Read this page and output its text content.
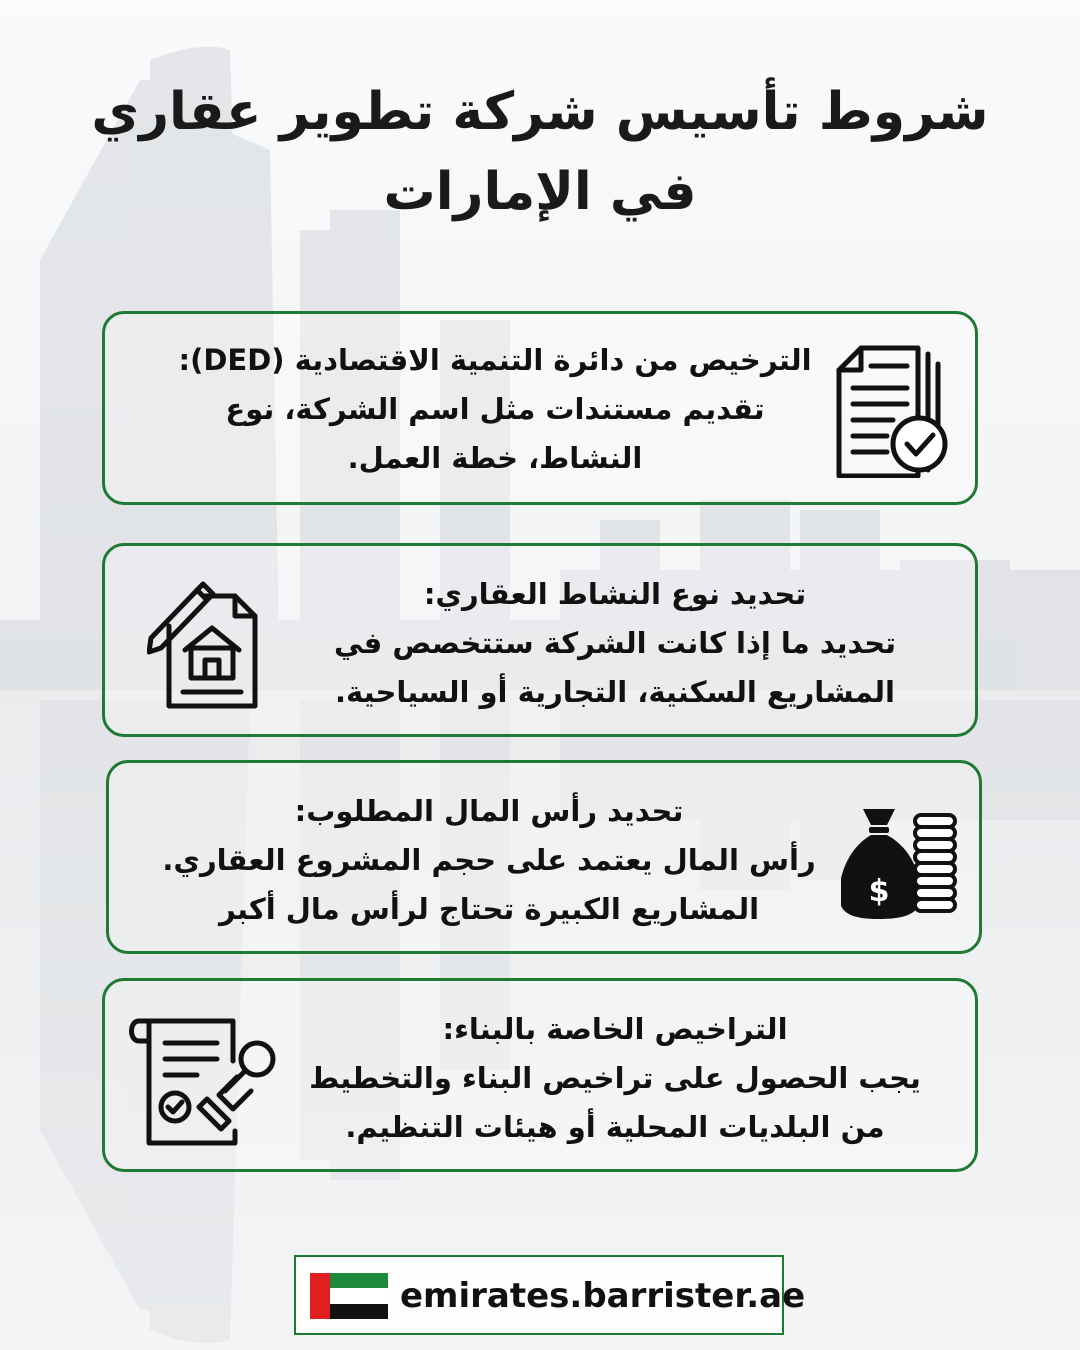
شروط تأسيس شركة تطوير عقاري
في الإمارات
الترخيص من دائرة التنمية الاقتصادية (DED):
تقديم مستندات مثل اسم الشركة، نوع
النشاط، خطة العمل.
تحديد نوع النشاط العقاري:
تحديد ما إذا كانت الشركة ستتخصص في
المشاريع السكنية، التجارية أو السياحية.
تحديد رأس المال المطلوب:
رأس المال يعتمد على حجم المشروع العقاري.
المشاريع الكبيرة تحتاج لرأس مال أكبر	$
التراخيص الخاصة بالبناء:
يجب الحصول على تراخيص البناء والتخطيط
من البلديات المحلية أو هيئات التنظيم.
emirates.barrister.ae
